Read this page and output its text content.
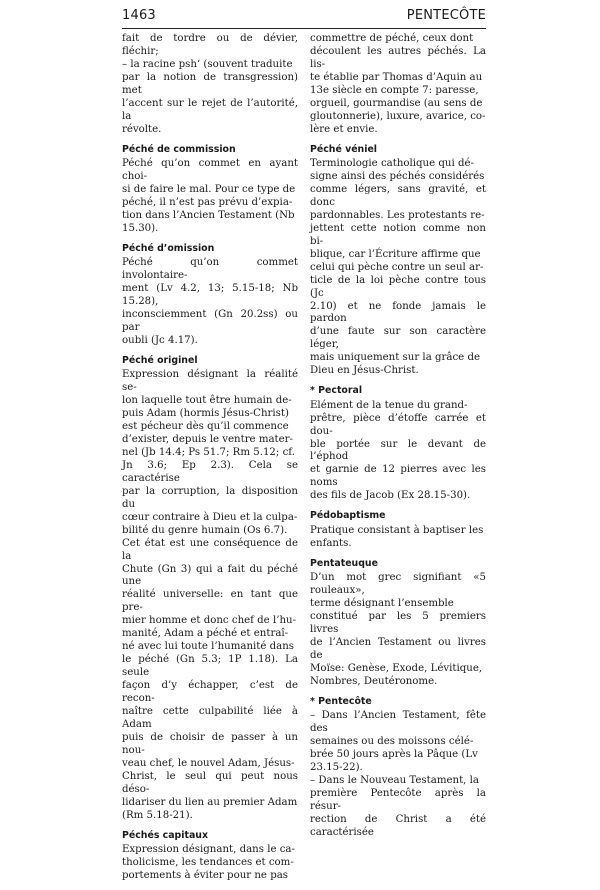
1463	PENTECÔTE
fait de tordre ou de dévier, fléchir;
– la racine psh‘ (souvent traduite
par la notion de transgression) met
l’accent sur le rejet de l’autorité, la
révolte.
Péché de commission
Péché qu’on commet en ayant choi-
si de faire le mal. Pour ce type de
péché, il n’est pas prévu d’expia-
tion dans l’Ancien Testament (Nb
15.30).
Péché d’omission
Péché qu’on commet involontaire-
ment (Lv 4.2, 13; 5.15-18; Nb 15.28),
inconsciemment (Gn 20.2ss) ou par
oubli (Jc 4.17).
Péché originel
Expression désignant la réalité se-
lon laquelle tout être humain de-
puis Adam (hormis Jésus-Christ)
est pécheur dès qu’il commence
d’exister, depuis le ventre mater-
nel (Jb 14.4; Ps 51.7; Rm 5.12; cf.
Jn 3.6; Ep 2.3). Cela se caractérise
par la corruption, la disposition du
cœur contraire à Dieu et la culpa-
bilité du genre humain (Os 6.7).
Cet état est une conséquence de la
Chute (Gn 3) qui a fait du péché une
réalité universelle: en tant que pre-
mier homme et donc chef de l’hu-
manité, Adam a péché et entraî-
né avec lui toute l’humanité dans
le péché (Gn 5.3; 1P 1.18). La seule
façon d’y échapper, c’est de recon-
naître cette culpabilité liée à Adam
puis de choisir de passer à un nou-
veau chef, le nouvel Adam, Jésus-
Christ, le seul qui peut nous déso-
lidariser du lien au premier Adam
(Rm 5.18-21).
Péchés capitaux
Expression désignant, dans le ca-
tholicisme, les tendances et com-
portements à éviter pour ne pas
commettre de péché, ceux dont
découlent les autres péchés. La lis-
te établie par Thomas d’Aquin au
13e siècle en compte 7: paresse,
orgueil, gourmandise (au sens de
gloutonnerie), luxure, avarice, co-
lère et envie.
Péché véniel
Terminologie catholique qui dé-
signe ainsi des péchés considérés
comme légers, sans gravité, et donc
pardonnables. Les protestants re-
jettent cette notion comme non bi-
blique, car l’Écriture affirme que
celui qui pèche contre un seul ar-
ticle de la loi pèche contre tous (Jc
2.10) et ne fonde jamais le pardon
d’une faute sur son caractère léger,
mais uniquement sur la grâce de
Dieu en Jésus-Christ.
* Pectoral
Elément de la tenue du grand-
prêtre, pièce d’étoffe carrée et dou-
ble portée sur le devant de l’éphod
et garnie de 12 pierres avec les noms
des fils de Jacob (Ex 28.15-30).
Pédobaptisme
Pratique consistant à baptiser les
enfants.
Pentateuque
D’un mot grec signifiant «5 rouleaux»,
terme désignant l’ensemble
constitué par les 5 premiers livres
de l’Ancien Testament ou livres de
Moïse: Genèse, Exode, Lévitique,
Nombres, Deutéronome.
* Pentecôte
– Dans l’Ancien Testament, fête des
semaines ou des moissons célé-
brée 50 jours après la Pâque (Lv
23.15-22).
– Dans le Nouveau Testament, la
première Pentecôte après la résur-
rection de Christ a été caractérisée
